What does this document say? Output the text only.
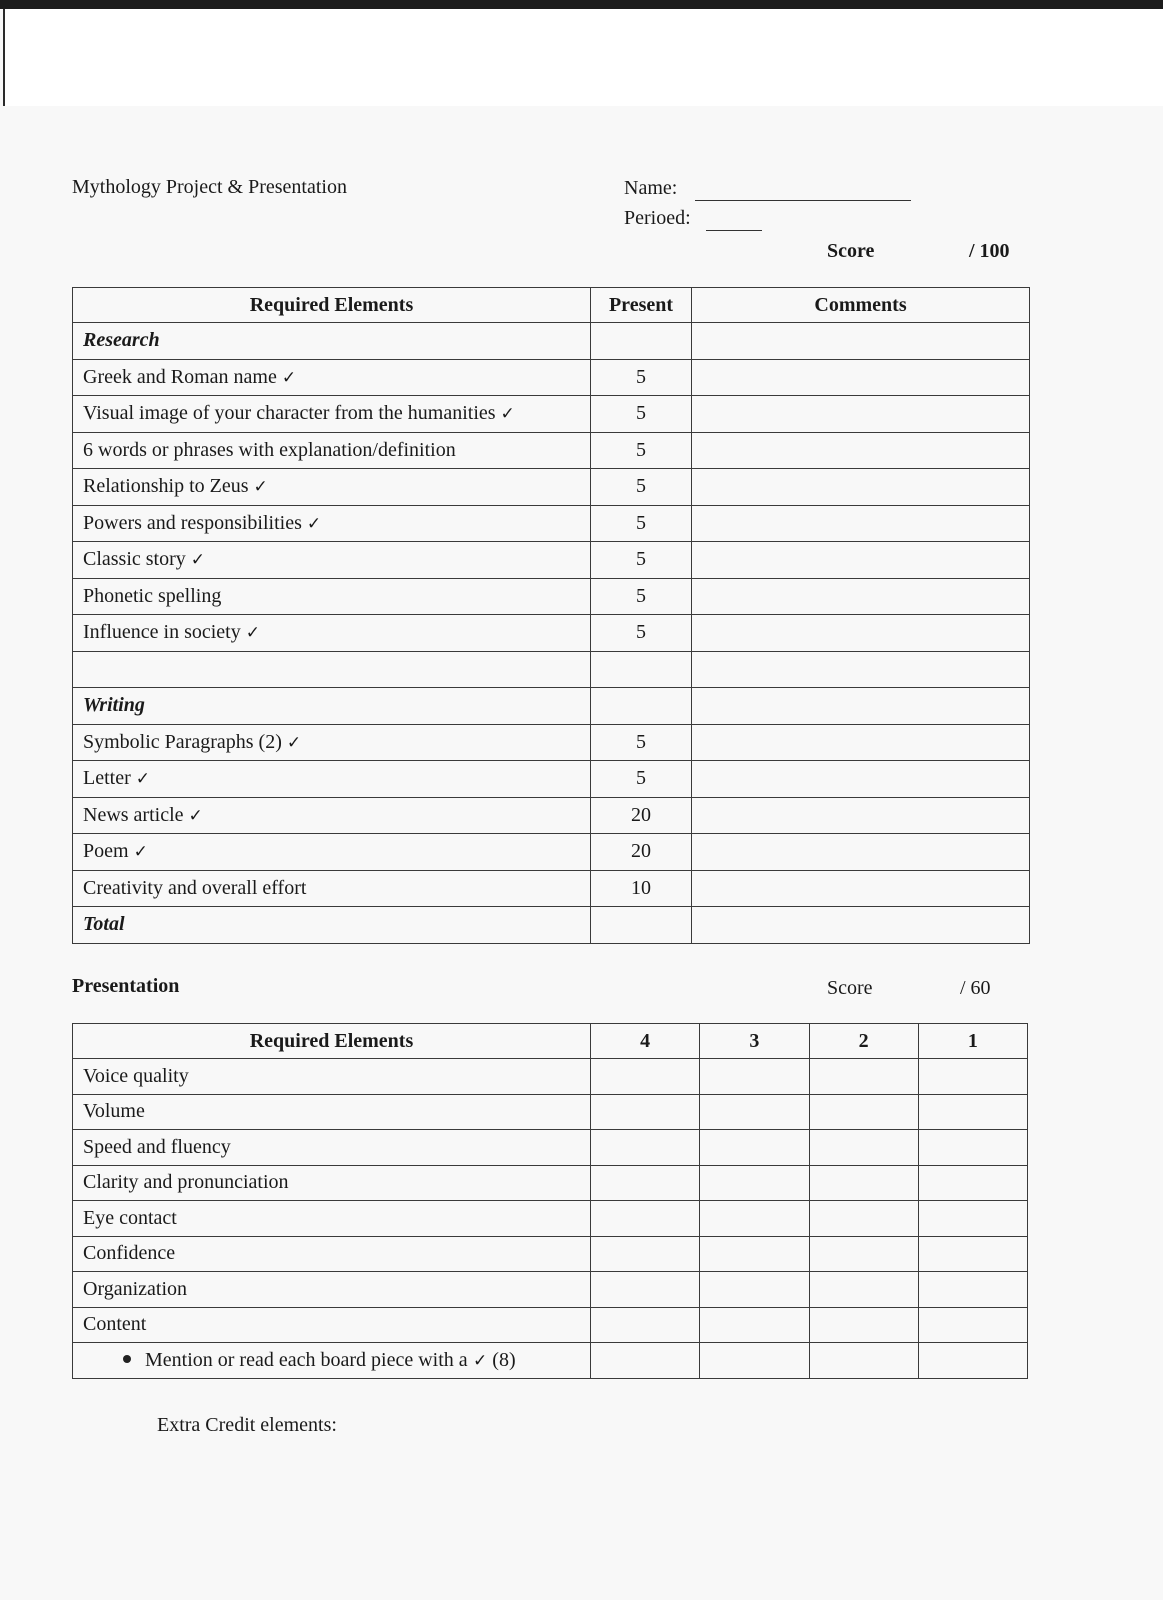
Mythology Project & Presentation	Name:
Perioed:
Score	/ 100
Required Elements	Present	Comments
Research		
Greek and Roman name ✓	5	
Visual image of your character from the humanities ✓	5	
6 words or phrases with explanation/definition	5	
Relationship to Zeus ✓	5	
Powers and responsibilities ✓	5	
Classic story ✓	5	
Phonetic spelling	5	
Influence in society ✓	5	

Writing		
Symbolic Paragraphs (2) ✓	5	
Letter ✓	5	
News article ✓	20	
Poem ✓	20	
Creativity and overall effort	10	
Total		
Presentation	Score	/ 60
Required Elements	4	3	2	1
Voice quality				
Volume				
Speed and fluency				
Clarity and pronunciation				
Eye contact				
Confidence				
Organization				
Content				
Mention or read each board piece with a ✓ (8)				
Extra Credit elements:
